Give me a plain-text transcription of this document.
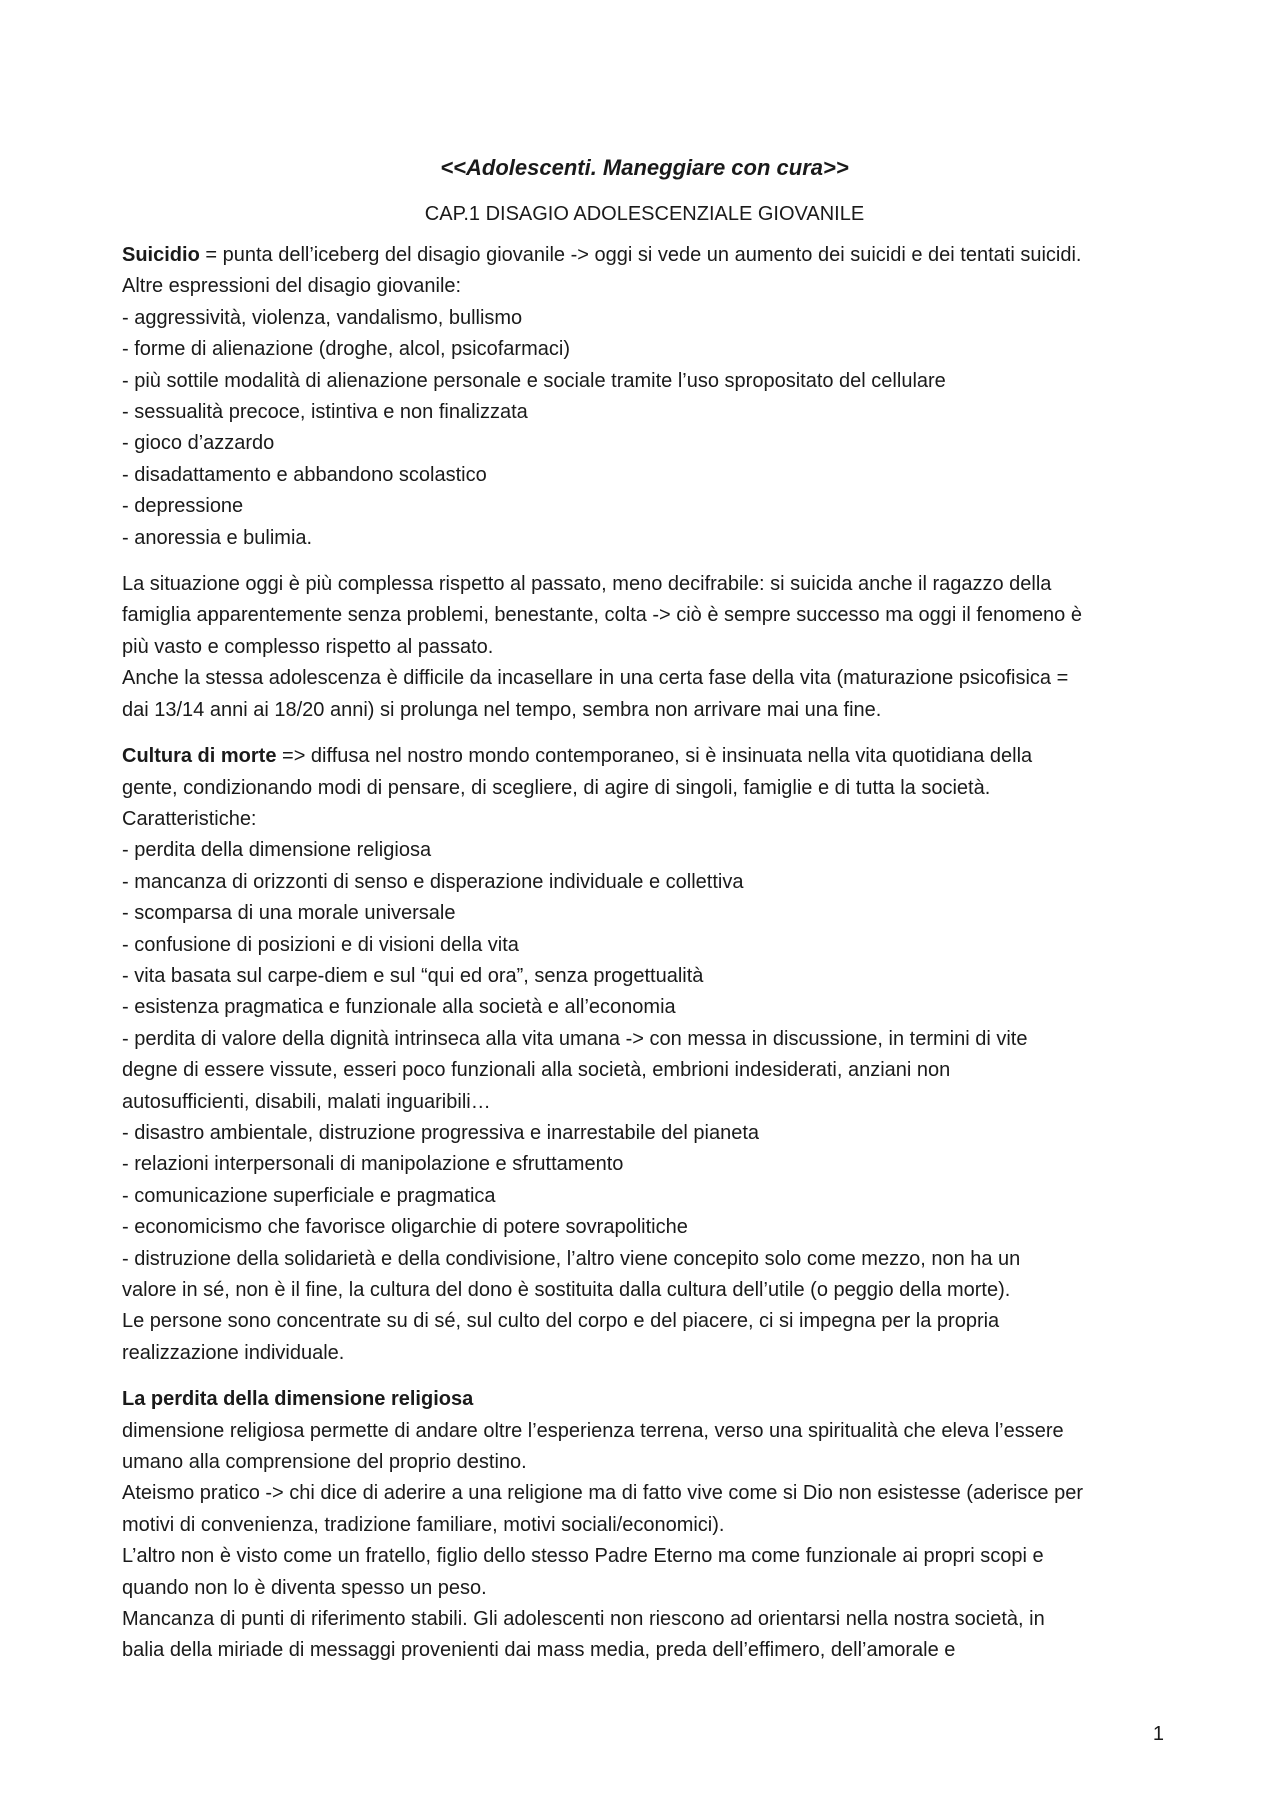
<<Adolescenti. Maneggiare con cura>>
CAP.1 DISAGIO ADOLESCENZIALE GIOVANILE
Suicidio = punta dell’iceberg del disagio giovanile -> oggi si vede un aumento dei suicidi e dei tentati suicidi.
Altre espressioni del disagio giovanile:
- aggressività, violenza, vandalismo, bullismo
- forme di alienazione (droghe, alcol, psicofarmaci)
- più sottile modalità di alienazione personale e sociale tramite l’uso spropositato del cellulare
- sessualità precoce, istintiva e non finalizzata
- gioco d’azzardo
- disadattamento e abbandono scolastico
- depressione
- anoressia e bulimia.
La situazione oggi è più complessa rispetto al passato, meno decifrabile: si suicida anche il ragazzo della
famiglia apparentemente senza problemi, benestante, colta -> ciò è sempre successo ma oggi il fenomeno è
più vasto e complesso rispetto al passato.
Anche la stessa adolescenza è difficile da incasellare in una certa fase della vita (maturazione psicofisica =
dai 13/14 anni ai 18/20 anni) si prolunga nel tempo, sembra non arrivare mai una fine.
Cultura di morte => diffusa nel nostro mondo contemporaneo, si è insinuata nella vita quotidiana della
gente, condizionando modi di pensare, di scegliere, di agire di singoli, famiglie e di tutta la società.
Caratteristiche:
- perdita della dimensione religiosa
- mancanza di orizzonti di senso e disperazione individuale e collettiva
- scomparsa di una morale universale
- confusione di posizioni e di visioni della vita
- vita basata sul carpe-diem e sul “qui ed ora”, senza progettualità
- esistenza pragmatica e funzionale alla società e all’economia
- perdita di valore della dignità intrinseca alla vita umana -> con messa in discussione, in termini di vite
degne di essere vissute, esseri poco funzionali alla società, embrioni indesiderati, anziani non
autosufficienti, disabili, malati inguaribili…
- disastro ambientale, distruzione progressiva e inarrestabile del pianeta
- relazioni interpersonali di manipolazione e sfruttamento
- comunicazione superficiale e pragmatica
- economicismo che favorisce oligarchie di potere sovrapolitiche
- distruzione della solidarietà e della condivisione, l’altro viene concepito solo come mezzo, non ha un
valore in sé, non è il fine, la cultura del dono è sostituita dalla cultura dell’utile (o peggio della morte).
Le persone sono concentrate su di sé, sul culto del corpo e del piacere, ci si impegna per la propria
realizzazione individuale.
La perdita della dimensione religiosa
dimensione religiosa permette di andare oltre l’esperienza terrena, verso una spiritualità che eleva l’essere
umano alla comprensione del proprio destino.
Ateismo pratico -> chi dice di aderire a una religione ma di fatto vive come si Dio non esistesse (aderisce per
motivi di convenienza, tradizione familiare, motivi sociali/economici).
L’altro non è visto come un fratello, figlio dello stesso Padre Eterno ma come funzionale ai propri scopi e
quando non lo è diventa spesso un peso.
Mancanza di punti di riferimento stabili. Gli adolescenti non riescono ad orientarsi nella nostra società, in
balia della miriade di messaggi provenienti dai mass media, preda dell’effimero, dell’amorale e
1
